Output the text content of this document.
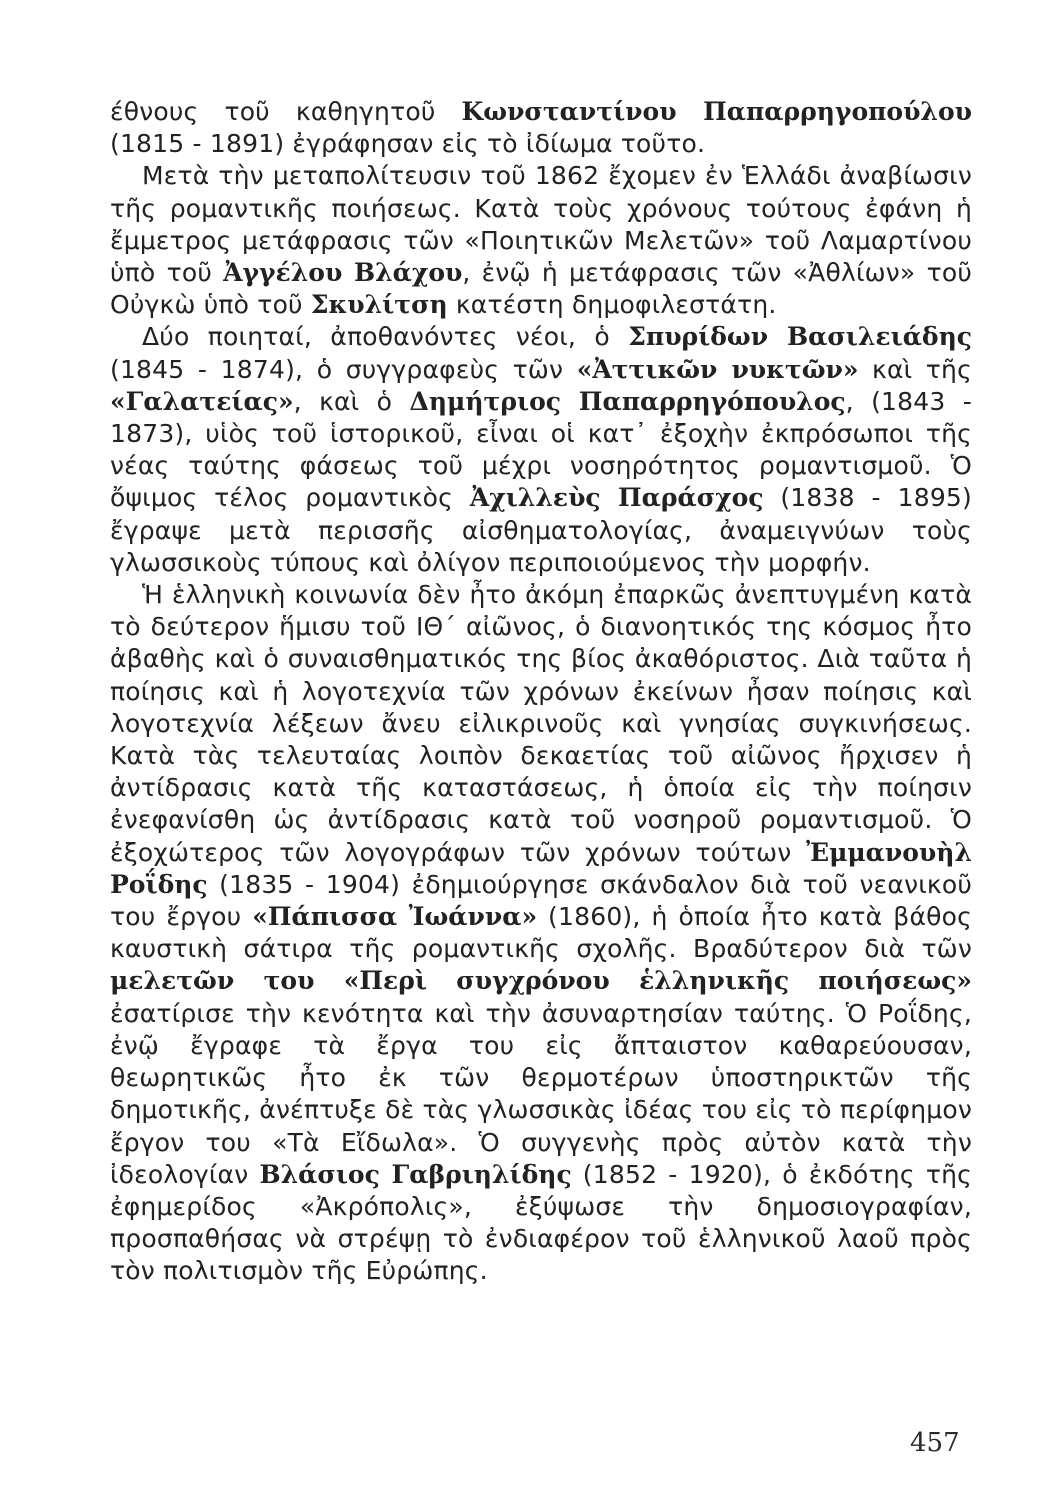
έθνους τοῦ καθηγητοῦ Κωνσταντίνου Παπαρρηγοπούλου (1815 - 1891) ἐγράφησαν εἰς τὸ ἰδίωμα τοῦτο.

Μετὰ τὴν μεταπολίτευσιν τοῦ 1862 ἔχομεν ἐν Ἑλλάδι ἀναβίωσιν τῆς ρομαντικῆς ποιήσεως. Κατὰ τοὺς χρόνους τούτους ἐφάνη ἡ ἔμμετρος μετάφρασις τῶν «Ποιητικῶν Μελετῶν» τοῦ Λαμαρτίνου ὑπὸ τοῦ Ἀγγέλου Βλάχου, ἐνῷ ἡ μετάφρασις τῶν «Ἀθλίων» τοῦ Οὐγκὼ ὑπὸ τοῦ Σκυλίτση κατέστη δημοφιλεστάτη.

Δύο ποιηταί, ἀποθανόντες νέοι, ὁ Σπυρίδων Βασιλειάδης (1845 - 1874), ὁ συγγραφεὺς τῶν «Ἀττικῶν νυκτῶν» καὶ τῆς «Γαλατείας», καὶ ὁ Δημήτριος Παπαρρηγόπουλος, (1843 - 1873), υἱὸς τοῦ ἱστορικοῦ, εἶναι οἱ κατ᾽ ἐξοχὴν ἐκπρόσωποι τῆς νέας ταύτης φάσεως τοῦ μέχρι νοσηρότητος ρομαντισμοῦ. Ὁ ὄψιμος τέλος ρομαντικὸς Ἀχιλλεὺς Παράσχος (1838 - 1895) ἔγραψε μετὰ περισσῆς αἰσθηματολογίας, ἀναμειγνύων τοὺς γλωσσικοὺς τύπους καὶ ὀλίγον περιποιούμενος τὴν μορφήν.

Ἡ ἑλληνικὴ κοινωνία δὲν ἦτο ἀκόμη ἐπαρκῶς ἀνεπτυγμένη κατὰ τὸ δεύτερον ἥμισυ τοῦ ΙΘ΄ αἰῶνος, ὁ διανοητικός της κόσμος ἦτο ἀβαθὴς καὶ ὁ συναισθηματικός της βίος ἀκαθόριστος. Διὰ ταῦτα ἡ ποίησις καὶ ἡ λογοτεχνία τῶν χρόνων ἐκείνων ἦσαν ποίησις καὶ λογοτεχνία λέξεων ἄνευ εἰλικρινοῦς καὶ γνησίας συγκινήσεως. Κατὰ τὰς τελευταίας λοιπὸν δεκαετίας τοῦ αἰῶνος ἤρχισεν ἡ ἀντίδρασις κατὰ τῆς καταστάσεως, ἡ ὁποία εἰς τὴν ποίησιν ἐνεφανίσθη ὡς ἀντίδρασις κατὰ τοῦ νοσηροῦ ρομαντισμοῦ. Ὁ ἐξοχώτερος τῶν λογογράφων τῶν χρόνων τούτων Ἐμμανουὴλ Ροΐδης (1835 - 1904) ἐδημιούργησε σκάνδαλον διὰ τοῦ νεανικοῦ του ἔργου «Πάπισσα Ἰωάννα» (1860), ἡ ὁποία ἦτο κατὰ βάθος καυστικὴ σάτιρα τῆς ρομαντικῆς σχολῆς. Βραδύτερον διὰ τῶν μελετῶν του «Περὶ συγχρόνου ἑλληνικῆς ποιήσεως» ἐσατίρισε τὴν κενότητα καὶ τὴν ἀσυναρτησίαν ταύτης. Ὁ Ροΐδης, ἐνῷ ἔγραφε τὰ ἔργα του εἰς ἄπταιστον καθαρεύουσαν, θεωρητικῶς ἦτο ἐκ τῶν θερμοτέρων ὑποστηρικτῶν τῆς δημοτικῆς, ἀνέπτυξε δὲ τὰς γλωσσικὰς ἰδέας του εἰς τὸ περίφημον ἔργον του «Τὰ Εἴδωλα». Ὁ συγγενὴς πρὸς αὐτὸν κατὰ τὴν ἰδεολογίαν Βλάσιος Γαβριηλίδης (1852 - 1920), ὁ ἐκδότης τῆς ἐφημερίδος «Ἀκρόπολις», ἐξύψωσε τὴν δημοσιογραφίαν, προσπαθήσας νὰ στρέψῃ τὸ ἐνδιαφέρον τοῦ ἑλληνικοῦ λαοῦ πρὸς τὸν πολιτισμὸν τῆς Εὐρώπης.

457
